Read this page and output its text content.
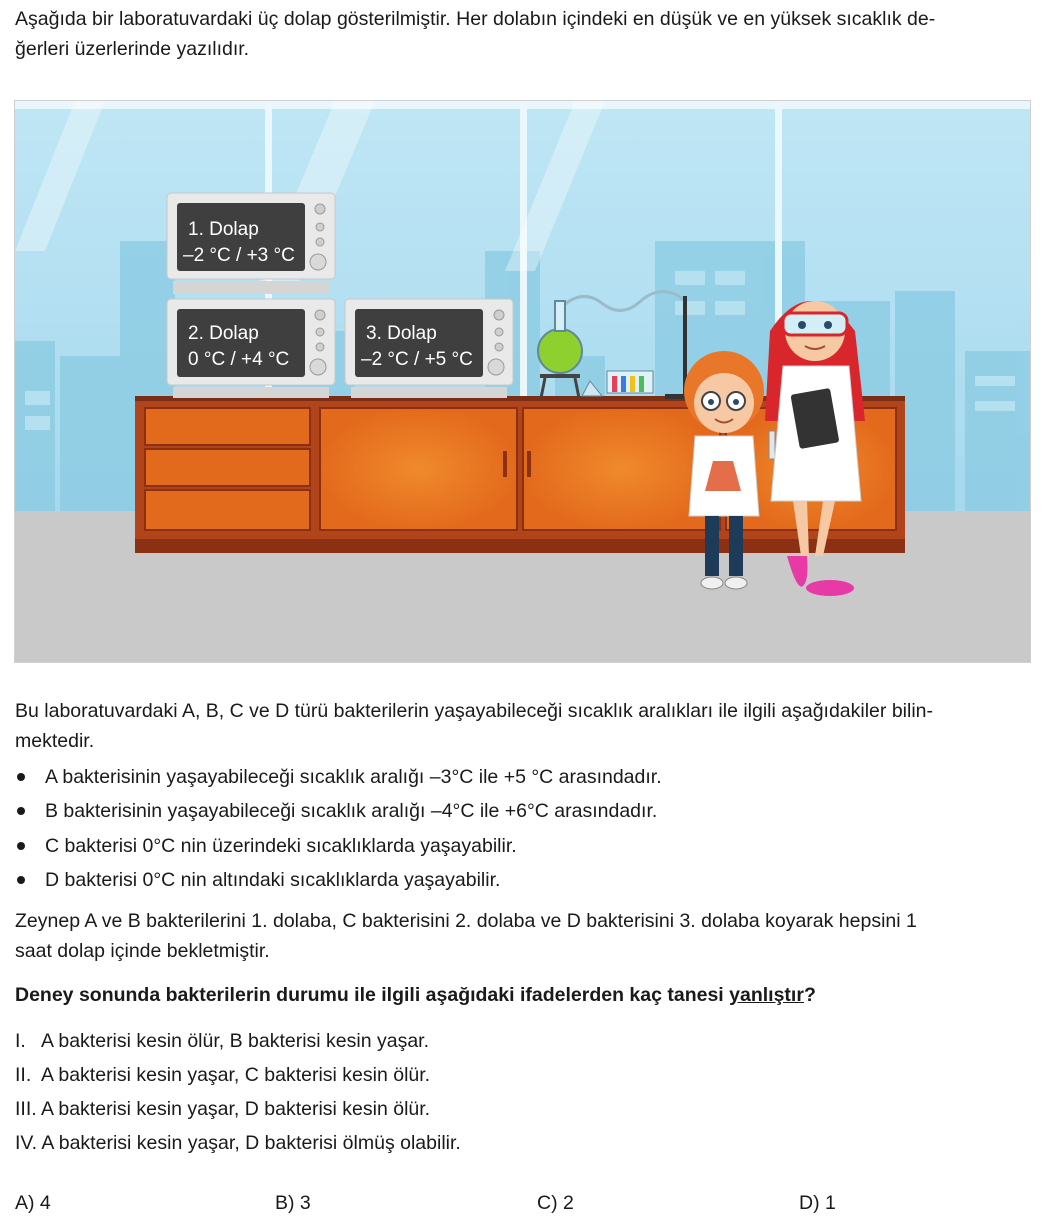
Aşağıda bir laboratuvardaki üç dolap gösterilmiştir. Her dolabın içindeki en düşük ve en yüksek sıcaklık de-
ğerleri üzerlerinde yazılıdır.

1. Dolap
–2 °C / +3 °C
2. Dolap
0 °C / +4 °C
3. Dolap
–2 °C / +5 °C

Bu laboratuvardaki A, B, C ve D türü bakterilerin yaşayabileceği sıcaklık aralıkları ile ilgili aşağıdakiler bilin-
mektedir.

A bakterisinin yaşayabileceği sıcaklık aralığı –3°C ile +5 °C arasındadır.
B bakterisinin yaşayabileceği sıcaklık aralığı –4°C ile +6°C arasındadır.
C bakterisi 0°C nin üzerindeki sıcaklıklarda yaşayabilir.
D bakterisi 0°C nin altındaki sıcaklıklarda yaşayabilir.

Zeynep A ve B bakterilerini 1. dolaba, C bakterisini 2. dolaba ve D bakterisini 3. dolaba koyarak hepsini 1
saat dolap içinde bekletmiştir.

Deney sonunda bakterilerin durumu ile ilgili aşağıdaki ifadelerden kaç tanesi yanlıştır?

I.   A bakterisi kesin ölür, B bakterisi kesin yaşar.
II.  A bakterisi kesin yaşar, C bakterisi kesin ölür.
III. A bakterisi kesin yaşar, D bakterisi kesin ölür.
IV. A bakterisi kesin yaşar, D bakterisi ölmüş olabilir.
A) 4	B) 3	C) 2	D) 1
